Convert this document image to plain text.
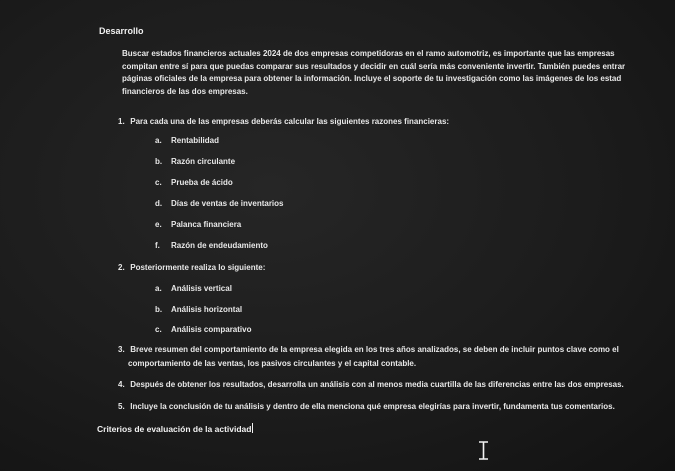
Desarrollo
Buscar estados financieros actuales 2024 de dos empresas competidoras en el ramo automotriz, es importante que las empresas
compitan entre sí para que puedas comparar sus resultados y decidir en cuál sería más conveniente invertir. También puedes entrar
páginas oficiales de la empresa para obtener la información. Incluye el soporte de tu investigación como las imágenes de los estad
financieros de las dos empresas.
1. Para cada una de las empresas deberás calcular las siguientes razones financieras:
a. Rentabilidad
b. Razón circulante
c. Prueba de ácido
d. Días de ventas de inventarios
e. Palanca financiera
f. Razón de endeudamiento
2. Posteriormente realiza lo siguiente:
a. Análisis vertical
b. Análisis horizontal
c. Análisis comparativo
3. Breve resumen del comportamiento de la empresa elegida en los tres años analizados, se deben de incluir puntos clave como el
comportamiento de las ventas, los pasivos circulantes y el capital contable.
4. Después de obtener los resultados, desarrolla un análisis con al menos media cuartilla de las diferencias entre las dos empresas.
5. Incluye la conclusión de tu análisis y dentro de ella menciona qué empresa elegirías para invertir, fundamenta tus comentarios.
Criterios de evaluación de la actividad
